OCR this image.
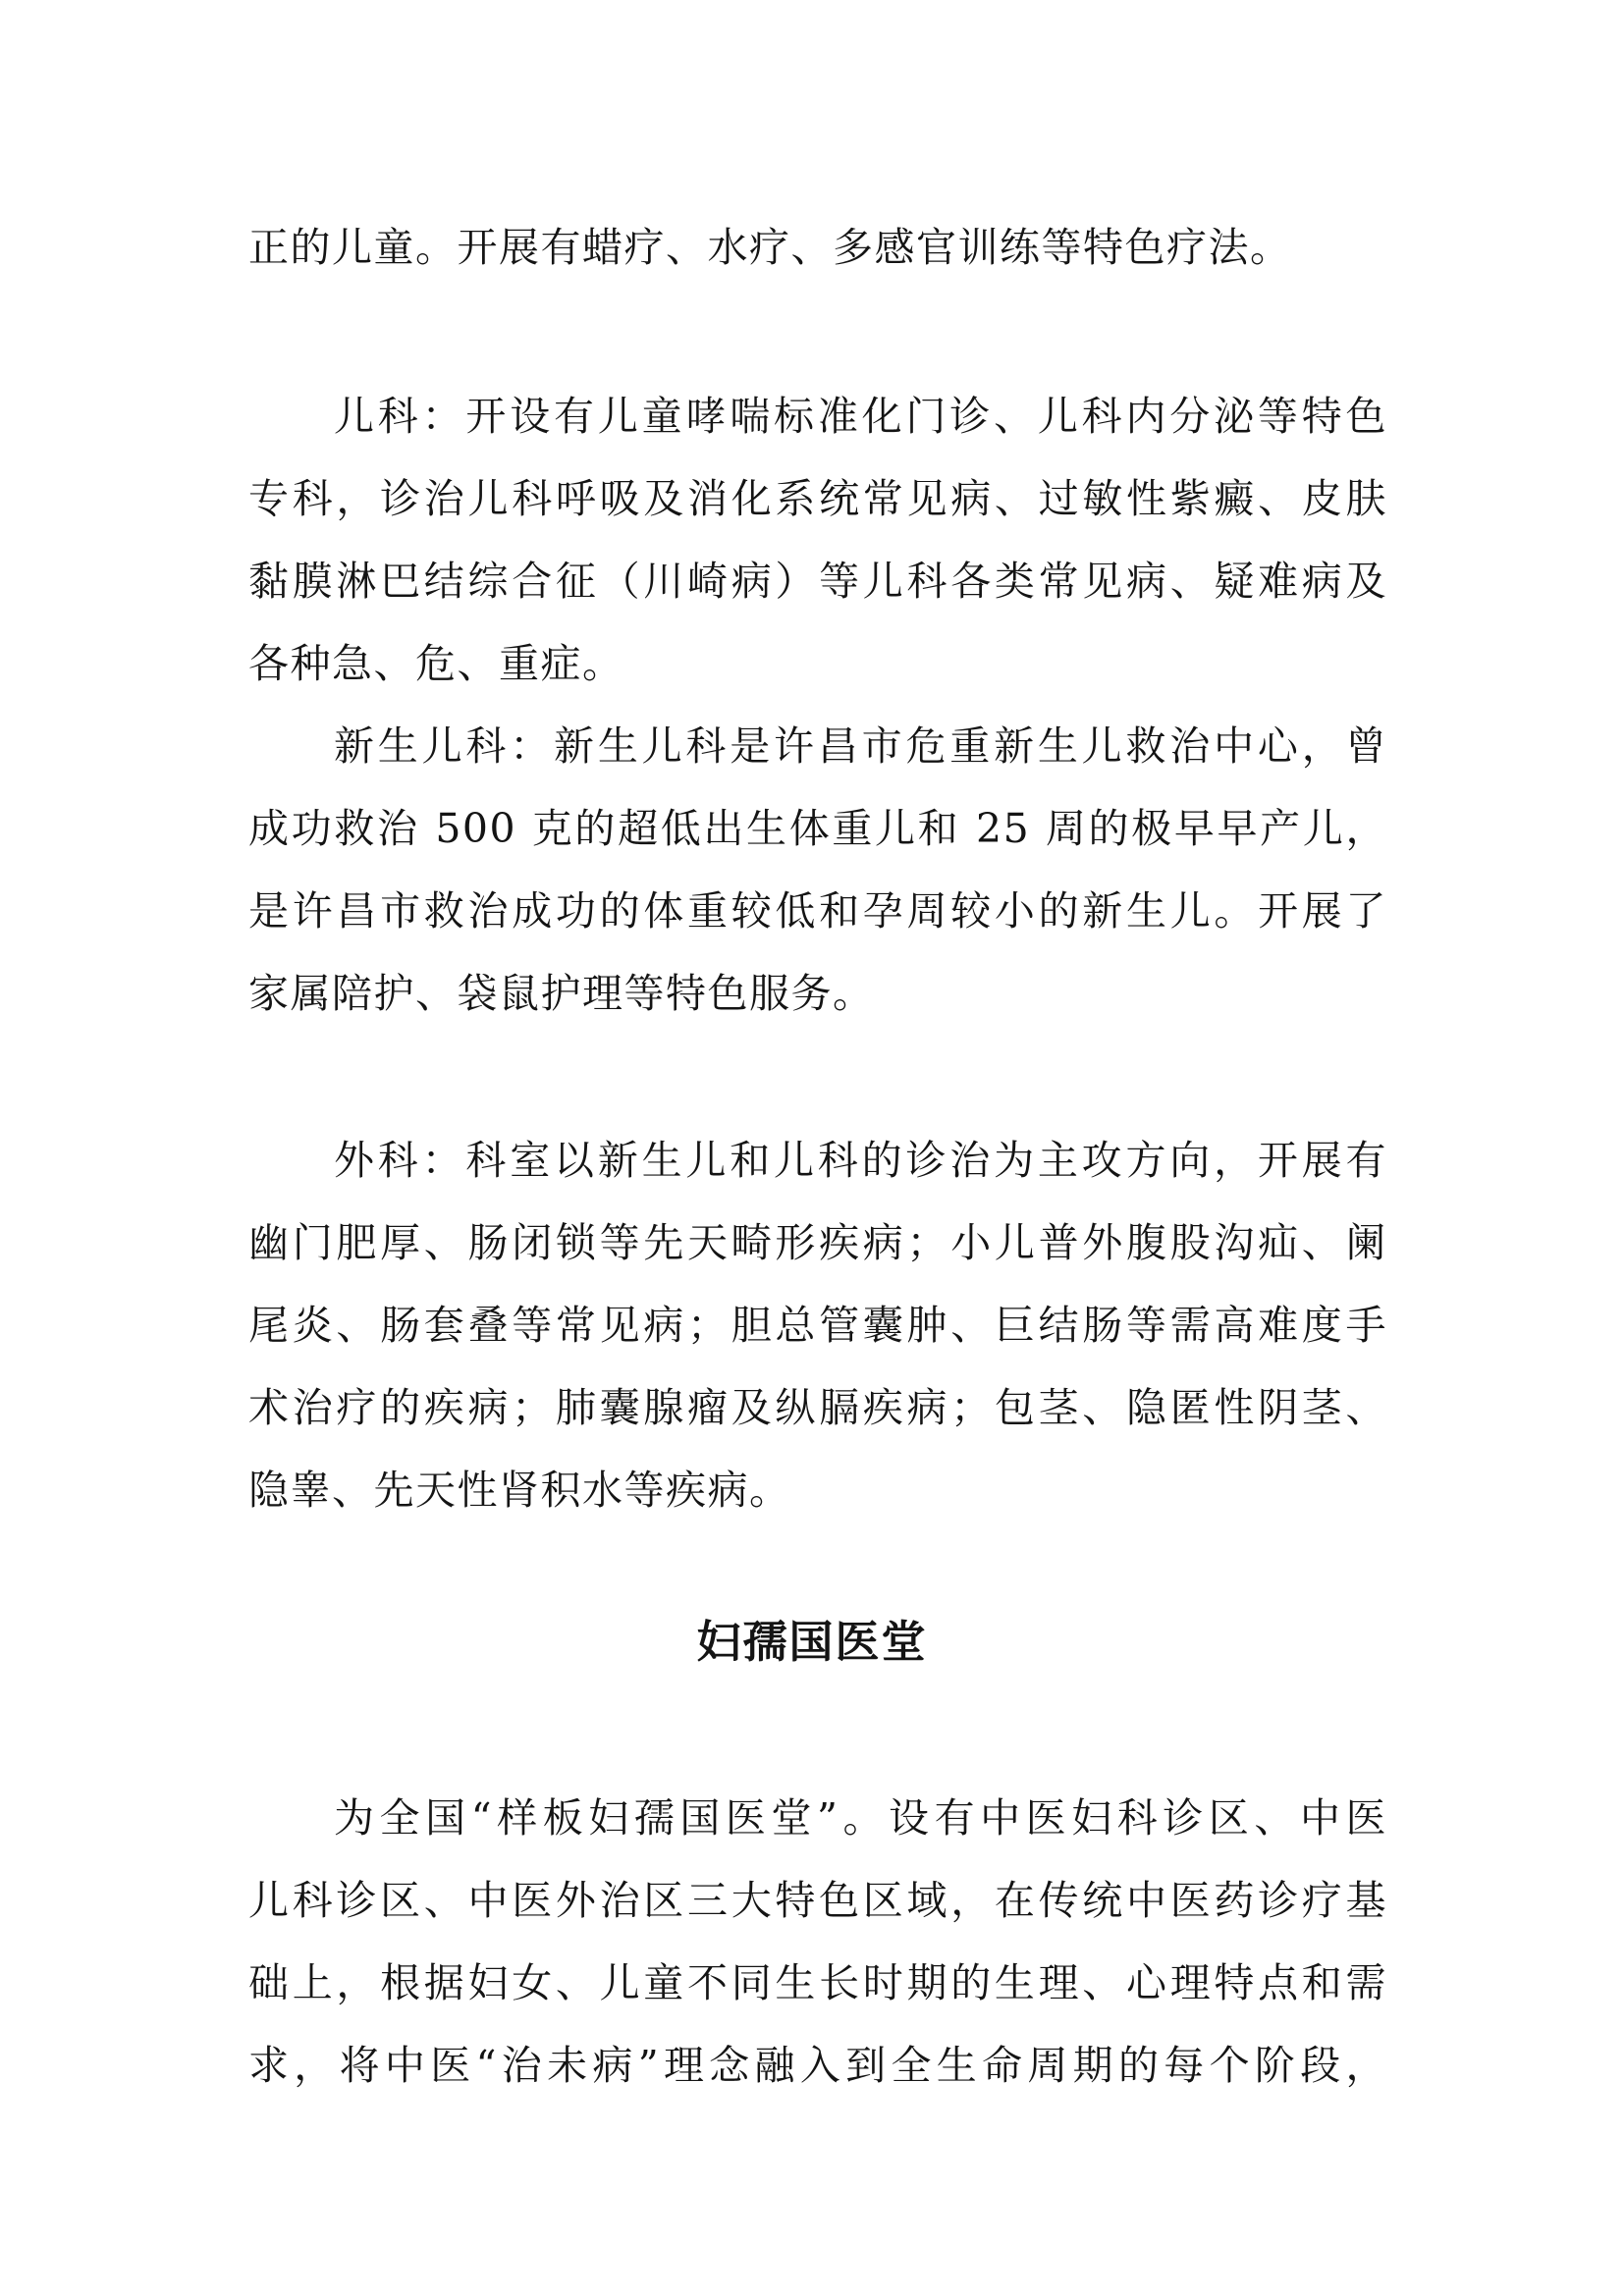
正的儿童。开展有蜡疗、水疗、多感官训练等特色疗法。
儿科：开设有儿童哮喘标准化门诊、儿科内分泌等特色
专科，诊治儿科呼吸及消化系统常见病、过敏性紫癜、皮肤
黏膜淋巴结综合征（川崎病）等儿科各类常见病、疑难病及
各种急、危、重症。
新生儿科：新生儿科是许昌市危重新生儿救治中心，曾
成功救治 500 克的超低出生体重儿和 25 周的极早早产儿，
是许昌市救治成功的体重较低和孕周较小的新生儿。开展了
家属陪护、袋鼠护理等特色服务。
外科：科室以新生儿和儿科的诊治为主攻方向，开展有
幽门肥厚、肠闭锁等先天畸形疾病；小儿普外腹股沟疝、阑
尾炎、肠套叠等常见病；胆总管囊肿、巨结肠等需高难度手
术治疗的疾病；肺囊腺瘤及纵膈疾病；包茎、隐匿性阴茎、
隐睾、先天性肾积水等疾病。
妇孺国医堂
为全国“样板妇孺国医堂”。设有中医妇科诊区、中医
儿科诊区、中医外治区三大特色区域，在传统中医药诊疗基
础上，根据妇女、儿童不同生长时期的生理、心理特点和需
求，将中医“治未病”理念融入到全生命周期的每个阶段，
